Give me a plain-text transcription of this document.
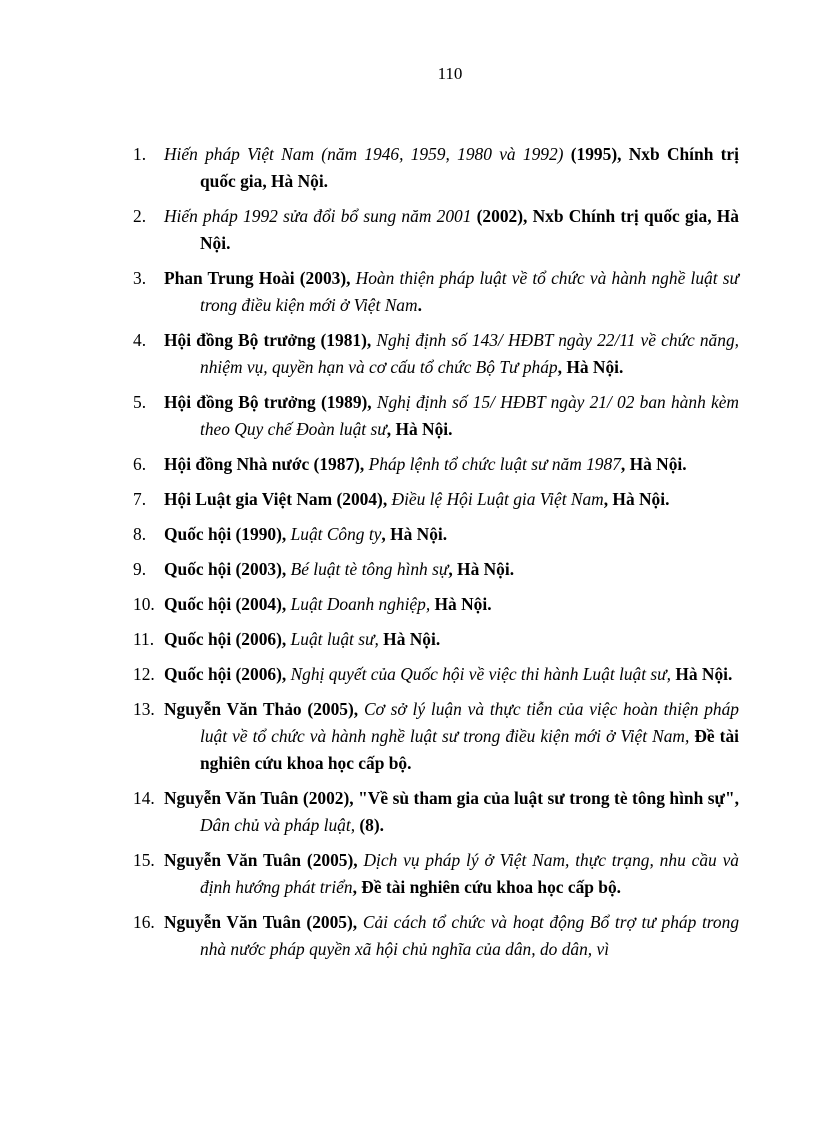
110
1. Hiến pháp Việt Nam (năm 1946, 1959, 1980 và 1992) (1995), Nxb Chính trị quốc gia, Hà Nội.
2. Hiến pháp 1992 sửa đổi bổ sung năm 2001 (2002), Nxb Chính trị quốc gia, Hà Nội.
3. Phan Trung Hoài (2003), Hoàn thiện pháp luật về tổ chức và hành nghề luật sư trong điều kiện mới ở Việt Nam.
4. Hội đồng Bộ trưởng (1981), Nghị định số 143/ HĐBT ngày 22/11 về chức năng, nhiệm vụ, quyền hạn và cơ cấu tổ chức Bộ Tư pháp, Hà Nội.
5. Hội đồng Bộ trưởng (1989), Nghị định số 15/ HĐBT ngày 21/ 02 ban hành kèm theo Quy chế Đoàn luật sư, Hà Nội.
6. Hội đồng Nhà nước (1987), Pháp lệnh tổ chức luật sư năm 1987, Hà Nội.
7. Hội Luật gia Việt Nam (2004), Điều lệ Hội Luật gia Việt Nam, Hà Nội.
8. Quốc hội (1990), Luật Công ty, Hà Nội.
9. Quốc hội (2003), Bé luật tè tông hình sự, Hà Nội.
10. Quốc hội (2004), Luật Doanh nghiệp, Hà Nội.
11. Quốc hội (2006), Luật luật sư, Hà Nội.
12. Quốc hội (2006), Nghị quyết của Quốc hội về việc thi hành Luật luật sư, Hà Nội.
13. Nguyễn Văn Thảo (2005), Cơ sở lý luận và thực tiễn của việc hoàn thiện pháp luật về tổ chức và hành nghề luật sư trong điều kiện mới ở Việt Nam, Đề tài nghiên cứu khoa học cấp bộ.
14. Nguyễn Văn Tuân (2002), "Về sù tham gia của luật sư trong tè tông hình sự", Dân chủ và pháp luật, (8).
15. Nguyễn Văn Tuân (2005), Dịch vụ pháp lý ở Việt Nam, thực trạng, nhu cầu và định hướng phát triển, Đề tài nghiên cứu khoa học cấp bộ.
16. Nguyễn Văn Tuân (2005), Cải cách tổ chức và hoạt động Bổ trợ tư pháp trong nhà nước pháp quyền xã hội chủ nghĩa của dân, do dân, vì
